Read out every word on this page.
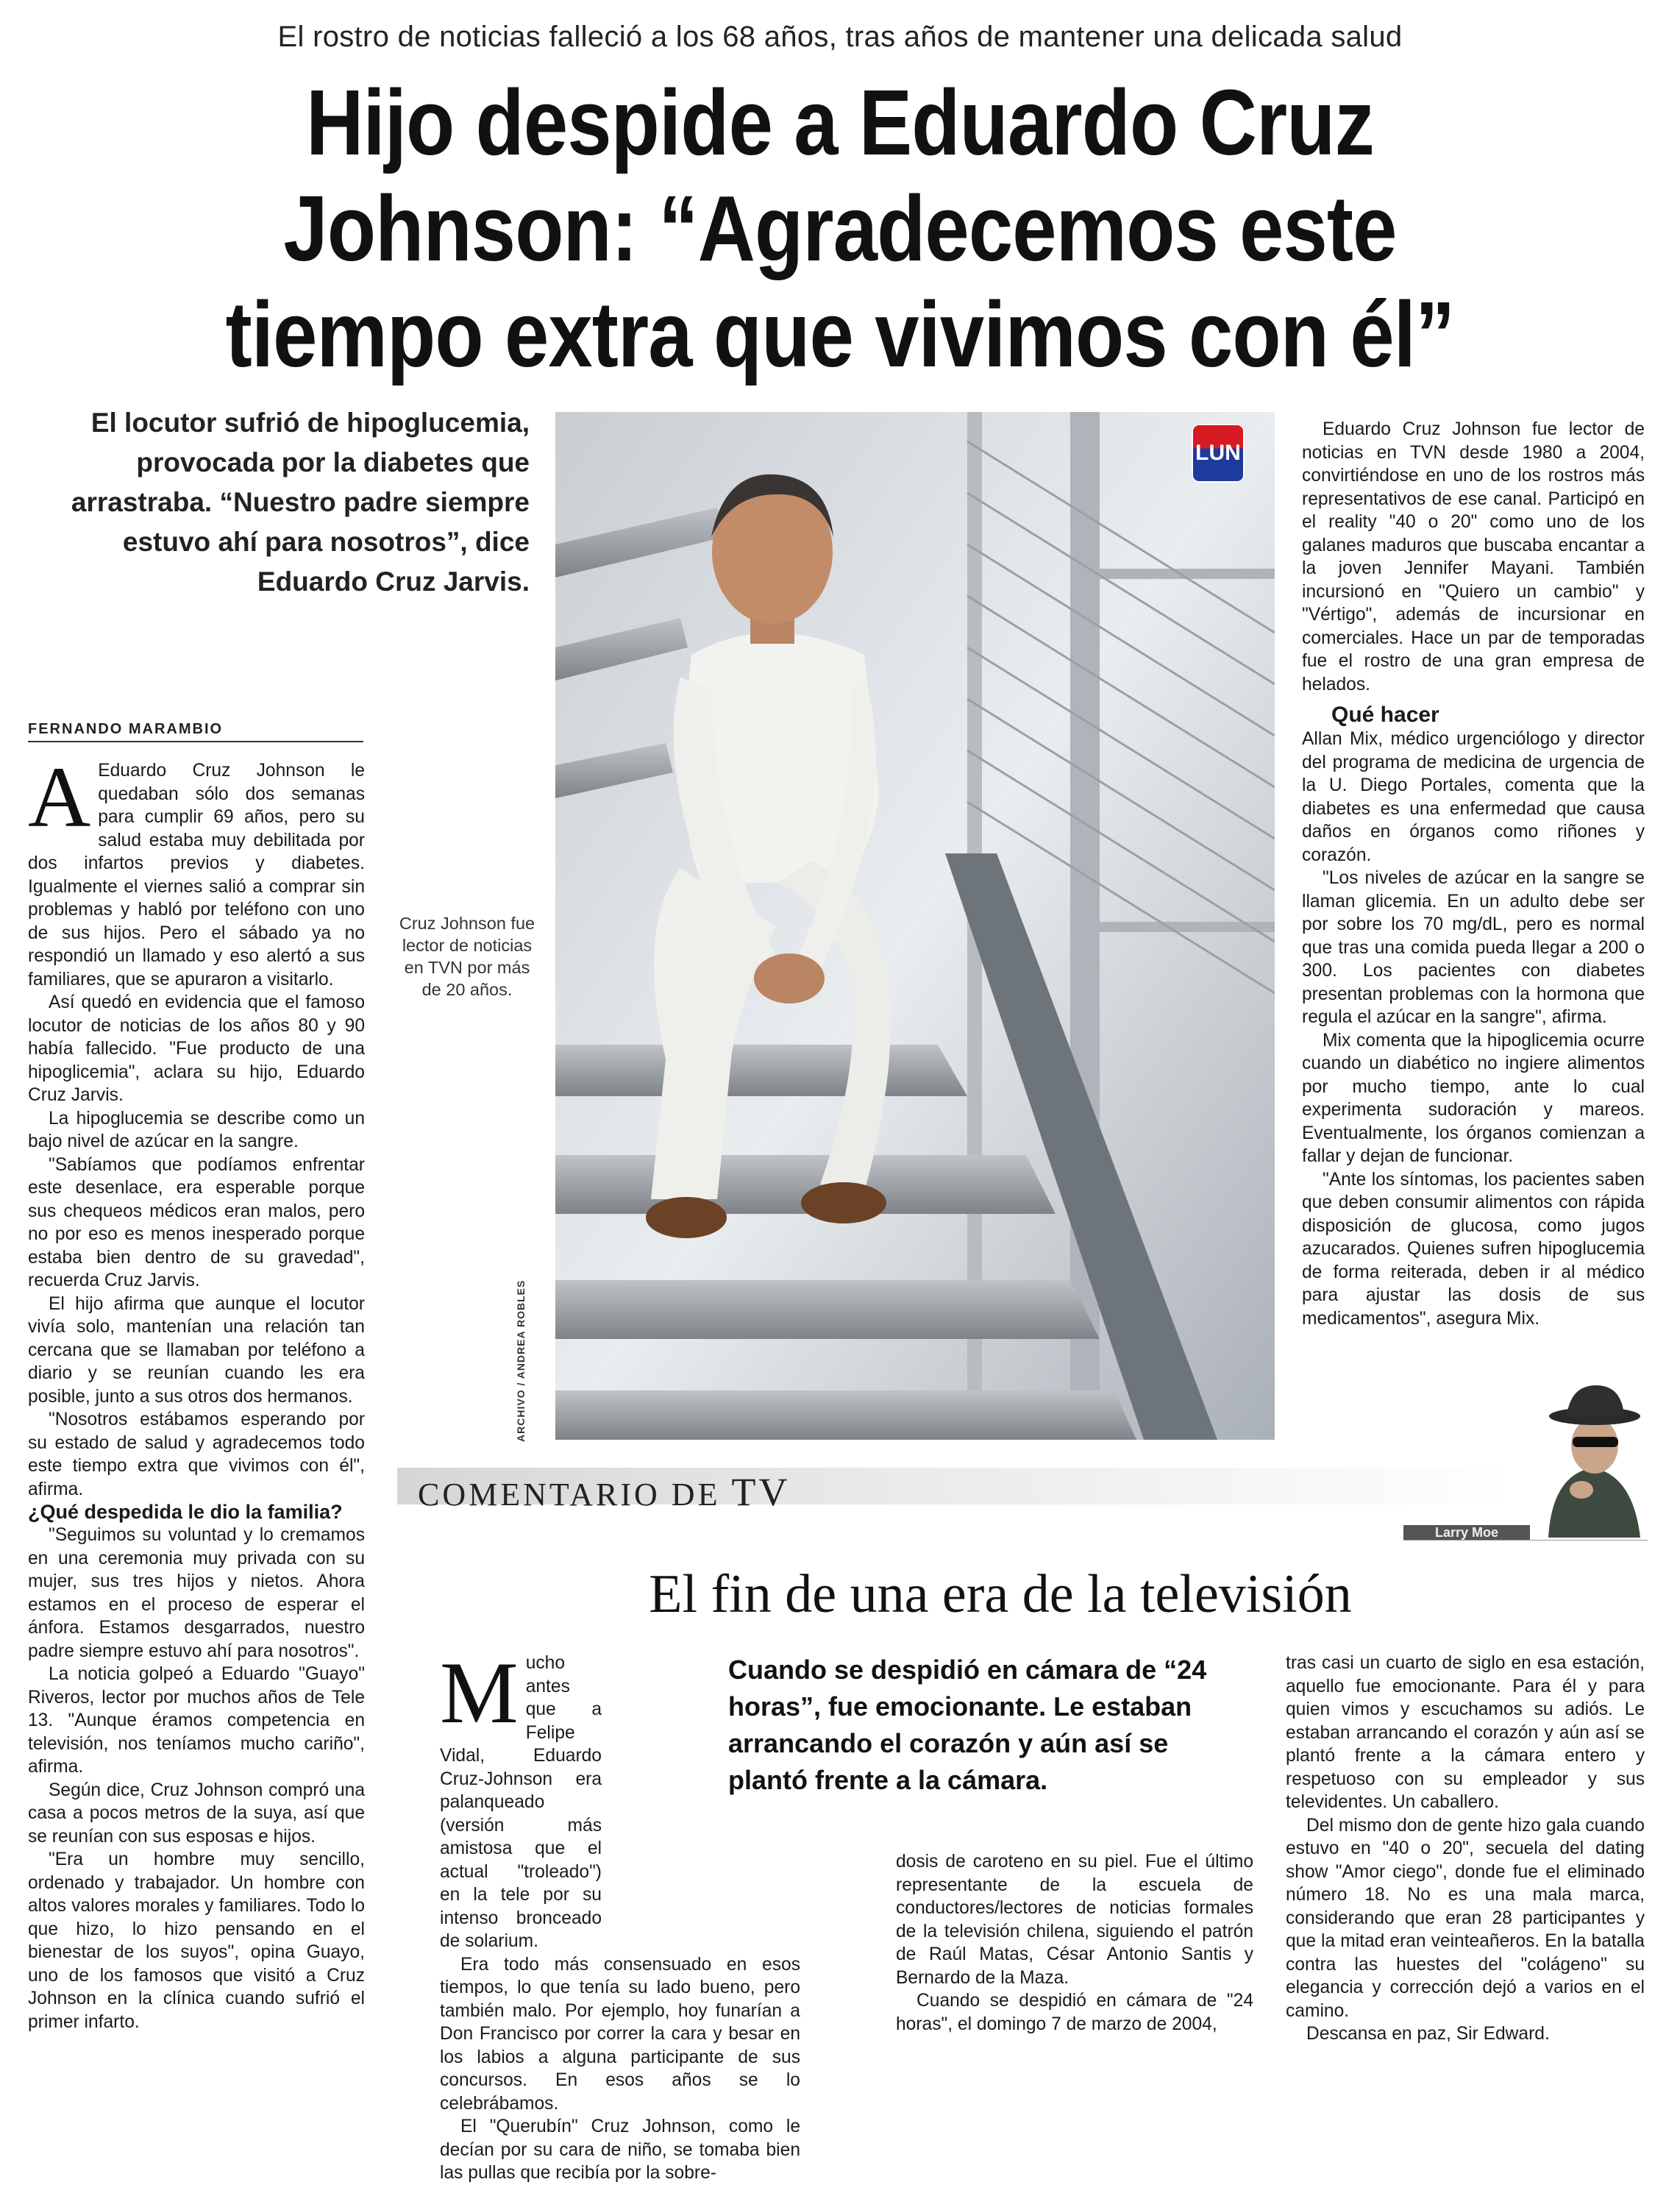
El rostro de noticias falleció a los 68 años, tras años de mantener una delicada salud
Hijo despide a Eduardo Cruz
Johnson: “Agradecemos este
tiempo extra que vivimos con él”
El locutor sufrió de hipoglucemia, provocada por la diabetes que arrastraba. “Nuestro padre siempre estuvo ahí para nosotros”, dice Eduardo Cruz Jarvis.
FERNANDO MARAMBIO

A Eduardo Cruz Johnson le quedaban sólo dos semanas para cumplir 69 años, pero su salud estaba muy debilitada por dos infartos previos y diabetes. Igualmente el viernes salió a comprar sin problemas y habló por teléfono con uno de sus hijos. Pero el sábado ya no respondió un llamado y eso alertó a sus familiares, que se apuraron a visitarlo.

Así quedó en evidencia que el famoso locutor de noticias de los años 80 y 90 había fallecido. "Fue producto de una hipoglicemia", aclara su hijo, Eduardo Cruz Jarvis.

La hipoglucemia se describe como un bajo nivel de azúcar en la sangre.

"Sabíamos que podíamos enfrentar este desenlace, era esperable porque sus chequeos médicos eran malos, pero no por eso es menos inesperado porque estaba bien dentro de su gravedad", recuerda Cruz Jarvis.

El hijo afirma que aunque el locutor vivía solo, mantenían una relación tan cercana que se llamaban por teléfono a diario y se reunían cuando les era posible, junto a sus otros dos hermanos.

"Nosotros estábamos esperando por su estado de salud y agradecemos todo este tiempo extra que vivimos con él", afirma.

¿Qué despedida le dio la familia?

"Seguimos su voluntad y lo cremamos en una ceremonia muy privada con su mujer, sus tres hijos y nietos. Ahora estamos en el proceso de esperar el ánfora. Estamos desgarrados, nuestro padre siempre estuvo ahí para nosotros".

La noticia golpeó a Eduardo "Guayo" Riveros, lector por muchos años de Tele 13. "Aunque éramos competencia en televisión, nos teníamos mucho cariño", afirma.

Según dice, Cruz Johnson compró una casa a pocos metros de la suya, así que se reunían con sus esposas e hijos.

"Era un hombre muy sencillo, ordenado y trabajador. Un hombre con altos valores morales y familiares. Todo lo que hizo, lo hizo pensando en el bienestar de los suyos", opina Guayo, uno de los famosos que visitó a Cruz Johnson en la clínica cuando sufrió el primer infarto.

Cruz Johnson fue lector de noticias en TVN por más de 20 años.
LUN
ARCHIVO / ANDREA ROBLES

Eduardo Cruz Johnson fue lector de noticias en TVN desde 1980 a 2004, convirtiéndose en uno de los rostros más representativos de ese canal. Participó en el reality "40 o 20" como uno de los galanes maduros que buscaba encantar a la joven Jennifer Mayani. También incursionó en "Quiero un cambio" y "Vértigo", además de incursionar en comerciales. Hace un par de temporadas fue el rostro de una gran empresa de helados.

Qué hacer

Allan Mix, médico urgenciólogo y director del programa de medicina de urgencia de la U. Diego Portales, comenta que la diabetes es una enfermedad que causa daños en órganos como riñones y corazón.

"Los niveles de azúcar en la sangre se llaman glicemia. En un adulto debe ser por sobre los 70 mg/dL, pero es normal que tras una comida pueda llegar a 200 o 300. Los pacientes con diabetes presentan problemas con la hormona que regula el azúcar en la sangre", afirma.

Mix comenta que la hipoglicemia ocurre cuando un diabético no ingiere alimentos por mucho tiempo, ante lo cual experimenta sudoración y mareos. Eventualmente, los órganos comienzan a fallar y dejan de funcionar.

"Ante los síntomas, los pacientes saben que deben consumir alimentos con rápida disposición de glucosa, como jugos azucarados. Quienes sufren hipoglucemia de forma reiterada, deben ir al médico para ajustar las dosis de sus medicamentos", asegura Mix.

COMENTARIO DE TV
Larry Moe
El fin de una era de la televisión

M ucho antes que a Felipe Vidal, Eduardo Cruz-Johnson era palanqueado (versión más amistosa que el actual "troleado") en la tele por su intenso bronceado de solarium.

Era todo más consensuado en esos tiempos, lo que tenía su lado bueno, pero también malo. Por ejemplo, hoy funarían a Don Francisco por correr la cara y besar en los labios a alguna participante de sus concursos. En esos años se lo celebrábamos.

El "Querubín" Cruz Johnson, como le decían por su cara de niño, se tomaba bien las pullas que recibía por la sobre-

Cuando se despidió en cámara de “24 horas”, fue emocionante. Le estaban arrancando el corazón y aún así se plantó frente a la cámara.

dosis de caroteno en su piel. Fue el último representante de la escuela de conductores/lectores de noticias formales de la televisión chilena, siguiendo el patrón de Raúl Matas, César Antonio Santis y Bernardo de la Maza.

Cuando se despidió en cámara de "24 horas", el domingo 7 de marzo de 2004,

tras casi un cuarto de siglo en esa estación, aquello fue emocionante. Para él y para quien vimos y escuchamos su adiós. Le estaban arrancando el corazón y aún así se plantó frente a la cámara entero y respetuoso con su empleador y sus televidentes. Un caballero.

Del mismo don de gente hizo gala cuando estuvo en "40 o 20", secuela del dating show "Amor ciego", donde fue el eliminado número 18. No es una mala marca, considerando que eran 28 participantes y que la mitad eran veinteañeros. En la batalla contra las huestes del "colágeno" su elegancia y corrección dejó a varios en el camino.

Descansa en paz, Sir Edward.
